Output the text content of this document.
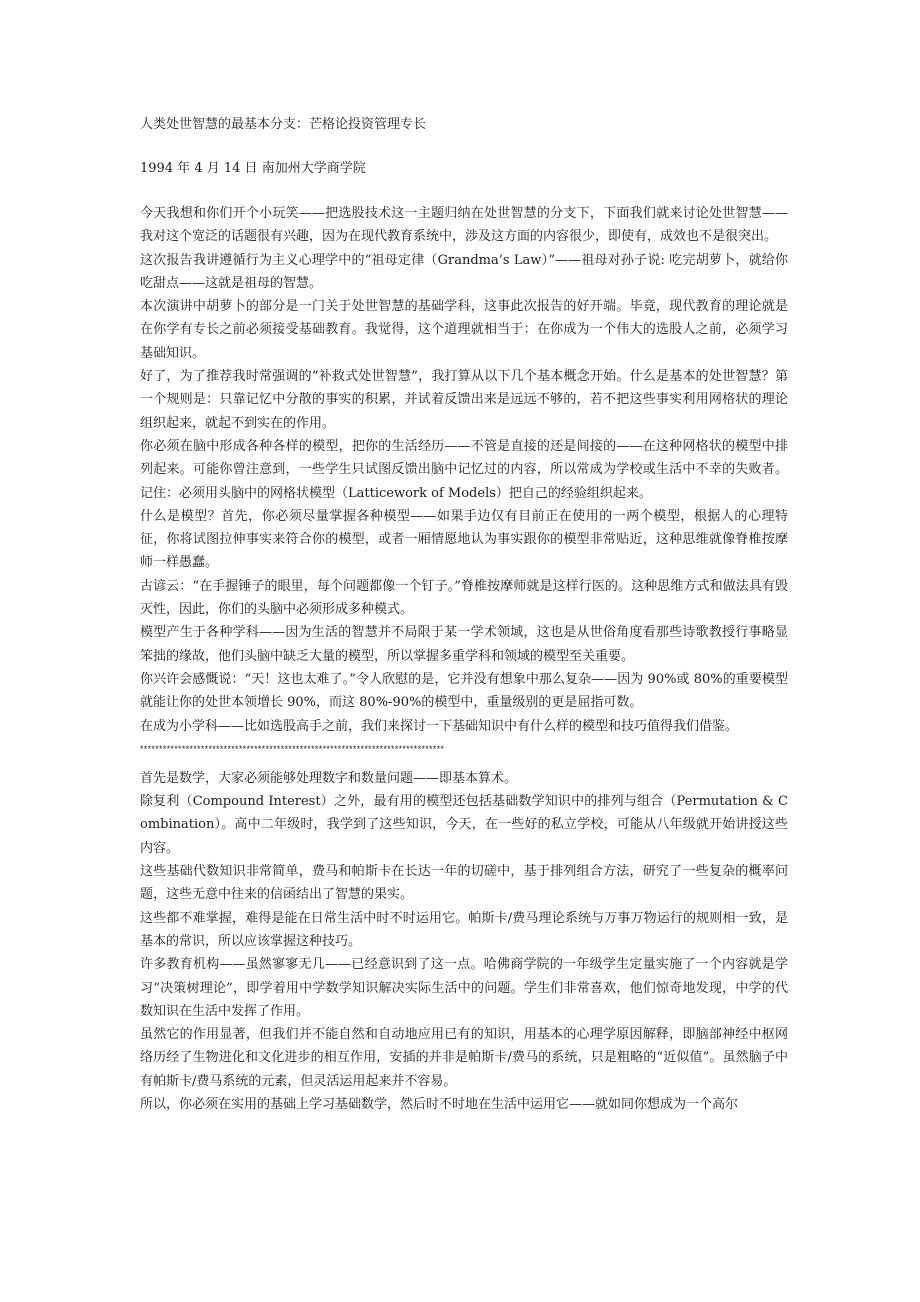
人类处世智慧的最基本分支：芒格论投资管理专长

1994 年 4 月 14 日 南加州大学商学院

今天我想和你们开个小玩笑——把选股技术这一主题归纳在处世智慧的分支下，下面我们就来讨论处世智慧——我对这个宽泛的话题很有兴趣，因为在现代教育系统中，涉及这方面的内容很少，即使有，成效也不是很突出。

这次报告我讲遵循行为主义心理学中的“祖母定律（Grandma’s Law）”——祖母对孙子说: 吃完胡萝卜，就给你吃甜点——这就是祖母的智慧。

本次演讲中胡萝卜的部分是一门关于处世智慧的基础学科，这事此次报告的好开端。毕竟，现代教育的理论就是在你学有专长之前必须接受基础教育。我觉得，这个道理就相当于：在你成为一个伟大的选股人之前，必须学习基础知识。

好了，为了推荐我时常强调的“补救式处世智慧”，我打算从以下几个基本概念开始。什么是基本的处世智慧？第一个规则是：只靠记忆中分散的事实的积累，并试着反馈出来是远远不够的，若不把这些事实利用网格状的理论组织起来，就起不到实在的作用。

你必须在脑中形成各种各样的模型，把你的生活经历——不管是直接的还是间接的——在这种网格状的模型中排列起来。可能你曾注意到，一些学生只试图反馈出脑中记忆过的内容，所以常成为学校或生活中不幸的失败者。记住：必须用头脑中的网格状模型（Latticework of Models）把自己的经验组织起来。

什么是模型？首先，你必须尽量掌握各种模型——如果手边仅有目前正在使用的一两个模型，根据人的心理特征，你将试图拉伸事实来符合你的模型，或者一厢情愿地认为事实跟你的模型非常贴近，这种思维就像脊椎按摩师一样愚蠢。

古谚云：“在手握锤子的眼里，每个问题都像一个钉子。”脊椎按摩师就是这样行医的。这种思维方式和做法具有毁灭性，因此，你们的头脑中必须形成多种模式。

模型产生于各种学科——因为生活的智慧并不局限于某一学术领域，这也是从世俗角度看那些诗歌教授行事略显笨拙的缘故，他们头脑中缺乏大量的模型，所以掌握多重学科和领域的模型至关重要。

你兴许会感慨说：“天！这也太难了。”令人欣慰的是，它并没有想象中那么复杂——因为 90%或 80%的重要模型就能让你的处世本领增长 90%，而这 80%-90%的模型中，重量级别的更是屈指可数。

在成为小学科——比如选股高手之前，我们来探讨一下基础知识中有什么样的模型和技巧值得我们借鉴。

********************************************************************************

首先是数学，大家必须能够处理数字和数量问题——即基本算术。

除复利（Compound Interest）之外，最有用的模型还包括基础数学知识中的排列与组合（Permutation & Combination）。高中二年级时，我学到了这些知识，今天，在一些好的私立学校，可能从八年级就开始讲授这些内容。

这些基础代数知识非常简单，费马和帕斯卡在长达一年的切磋中，基于排列组合方法，研究了一些复杂的概率问题，这些无意中往来的信函结出了智慧的果实。

这些都不难掌握，难得是能在日常生活中时不时运用它。帕斯卡/费马理论系统与万事万物运行的规则相一致，是基本的常识，所以应该掌握这种技巧。

许多教育机构——虽然寥寥无几——已经意识到了这一点。哈佛商学院的一年级学生定量实施了一个内容就是学习“决策树理论”，即学着用中学数学知识解决实际生活中的问题。学生们非常喜欢，他们惊奇地发现，中学的代数知识在生活中发挥了作用。

虽然它的作用显著，但我们并不能自然和自动地应用已有的知识，用基本的心理学原因解释，即脑部神经中枢网络历经了生物进化和文化进步的相互作用，安插的并非是帕斯卡/费马的系统，只是粗略的“近似值”。虽然脑子中有帕斯卡/费马系统的元素，但灵活运用起来并不容易。

所以，你必须在实用的基础上学习基础数学，然后时不时地在生活中运用它——就如同你想成为一个高尔
